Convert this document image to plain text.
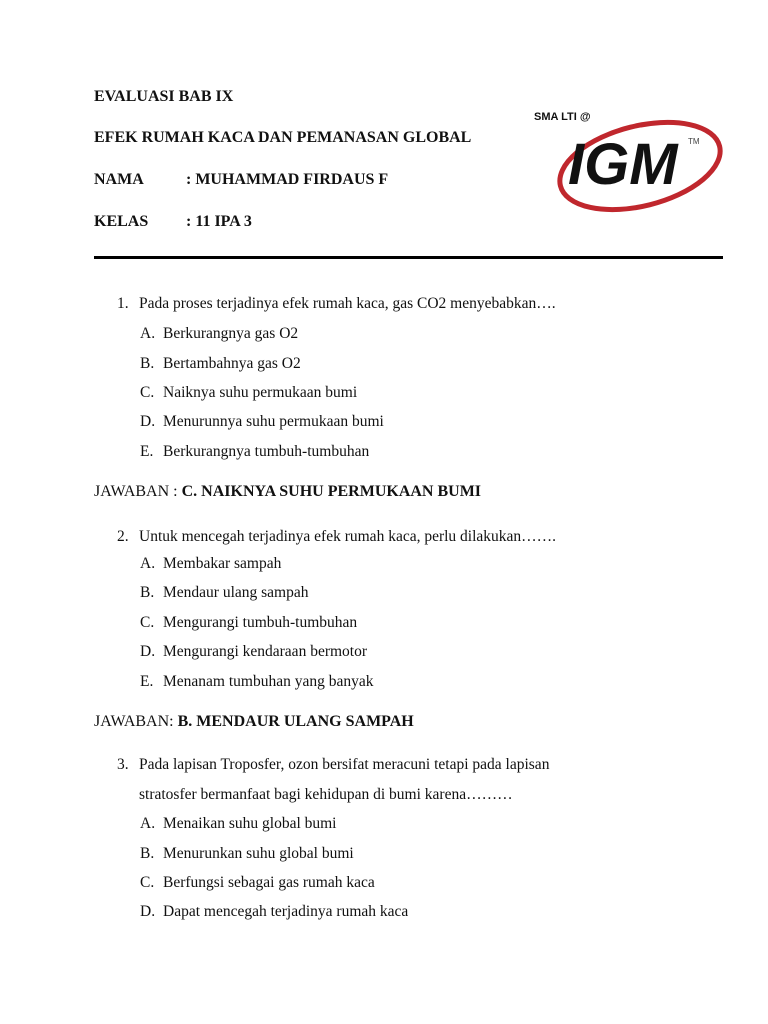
EVALUASI BAB IX
EFEK RUMAH KACA DAN PEMANASAN GLOBAL
NAMA	: MUHAMMAD FIRDAUS F
KELAS : 11 IPA 3
SMA LTI @
IGM TM
1. Pada proses terjadinya efek rumah kaca, gas CO2 menyebabkan….
A. Berkurangnya gas O2
B. Bertambahnya gas O2
C. Naiknya suhu permukaan bumi
D. Menurunnya suhu permukaan bumi
E. Berkurangnya tumbuh-tumbuhan
JAWABAN : C. NAIKNYA SUHU PERMUKAAN BUMI
2. Untuk mencegah terjadinya efek rumah kaca, perlu dilakukan…….
A. Membakar sampah
B. Mendaur ulang sampah
C. Mengurangi tumbuh-tumbuhan
D. Mengurangi kendaraan bermotor
E. Menanam tumbuhan yang banyak
JAWABAN: B. MENDAUR ULANG SAMPAH
3. Pada lapisan Troposfer, ozon bersifat meracuni tetapi pada lapisan
stratosfer bermanfaat bagi kehidupan di bumi karena………
A. Menaikan suhu global bumi
B. Menurunkan suhu global bumi
C. Berfungsi sebagai gas rumah kaca
D. Dapat mencegah terjadinya rumah kaca
